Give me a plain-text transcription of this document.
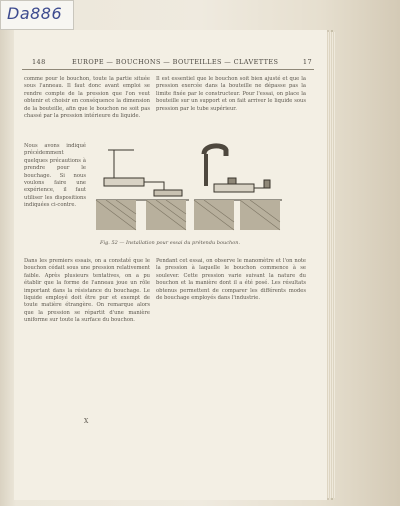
Da886
148	EUROPE — BOUCHONS — BOUTEILLES — CLAVETTES	17

comme pour le bouchon, toute la partie située sous l'anneau. Il faut donc avant emploi se rendre compte de la pression que l'on veut obtenir et choisir en conséquence la dimension de la bouteille, afin que le bouchon ne soit pas chassé par la pression intérieure du liquide.

Il est essentiel que le bouchon soit bien ajusté et que la pression exercée dans la bouteille ne dépasse pas la limite fixée par le constructeur. Pour l'essai, on place la bouteille sur un support et on fait arriver le liquide sous pression par le tube supérieur.

Nous avons indiqué précédemment quelques précautions à prendre pour le bouchage. Si nous voulons faire une expérience, il faut utiliser les dispositions indiquées ci-contre.

Fig. 52 — Installation pour essai du prétendu bouchon.

Dans les premiers essais, on a constaté que le bouchon cédait sous une pression relativement faible. Après plusieurs tentatives, on a pu établir que la forme de l'anneau joue un rôle important dans la résistance du bouchage. Le liquide employé doit être pur et exempt de toute matière étrangère. On remarque alors que la pression se répartit d'une manière uniforme sur toute la surface du bouchon.

Pendant cet essai, on observe le manomètre et l'on note la pression à laquelle le bouchon commence à se soulever. Cette pression varie suivant la nature du bouchon et la manière dont il a été posé. Les résultats obtenus permettent de comparer les différents modes de bouchage employés dans l'industrie.

X
